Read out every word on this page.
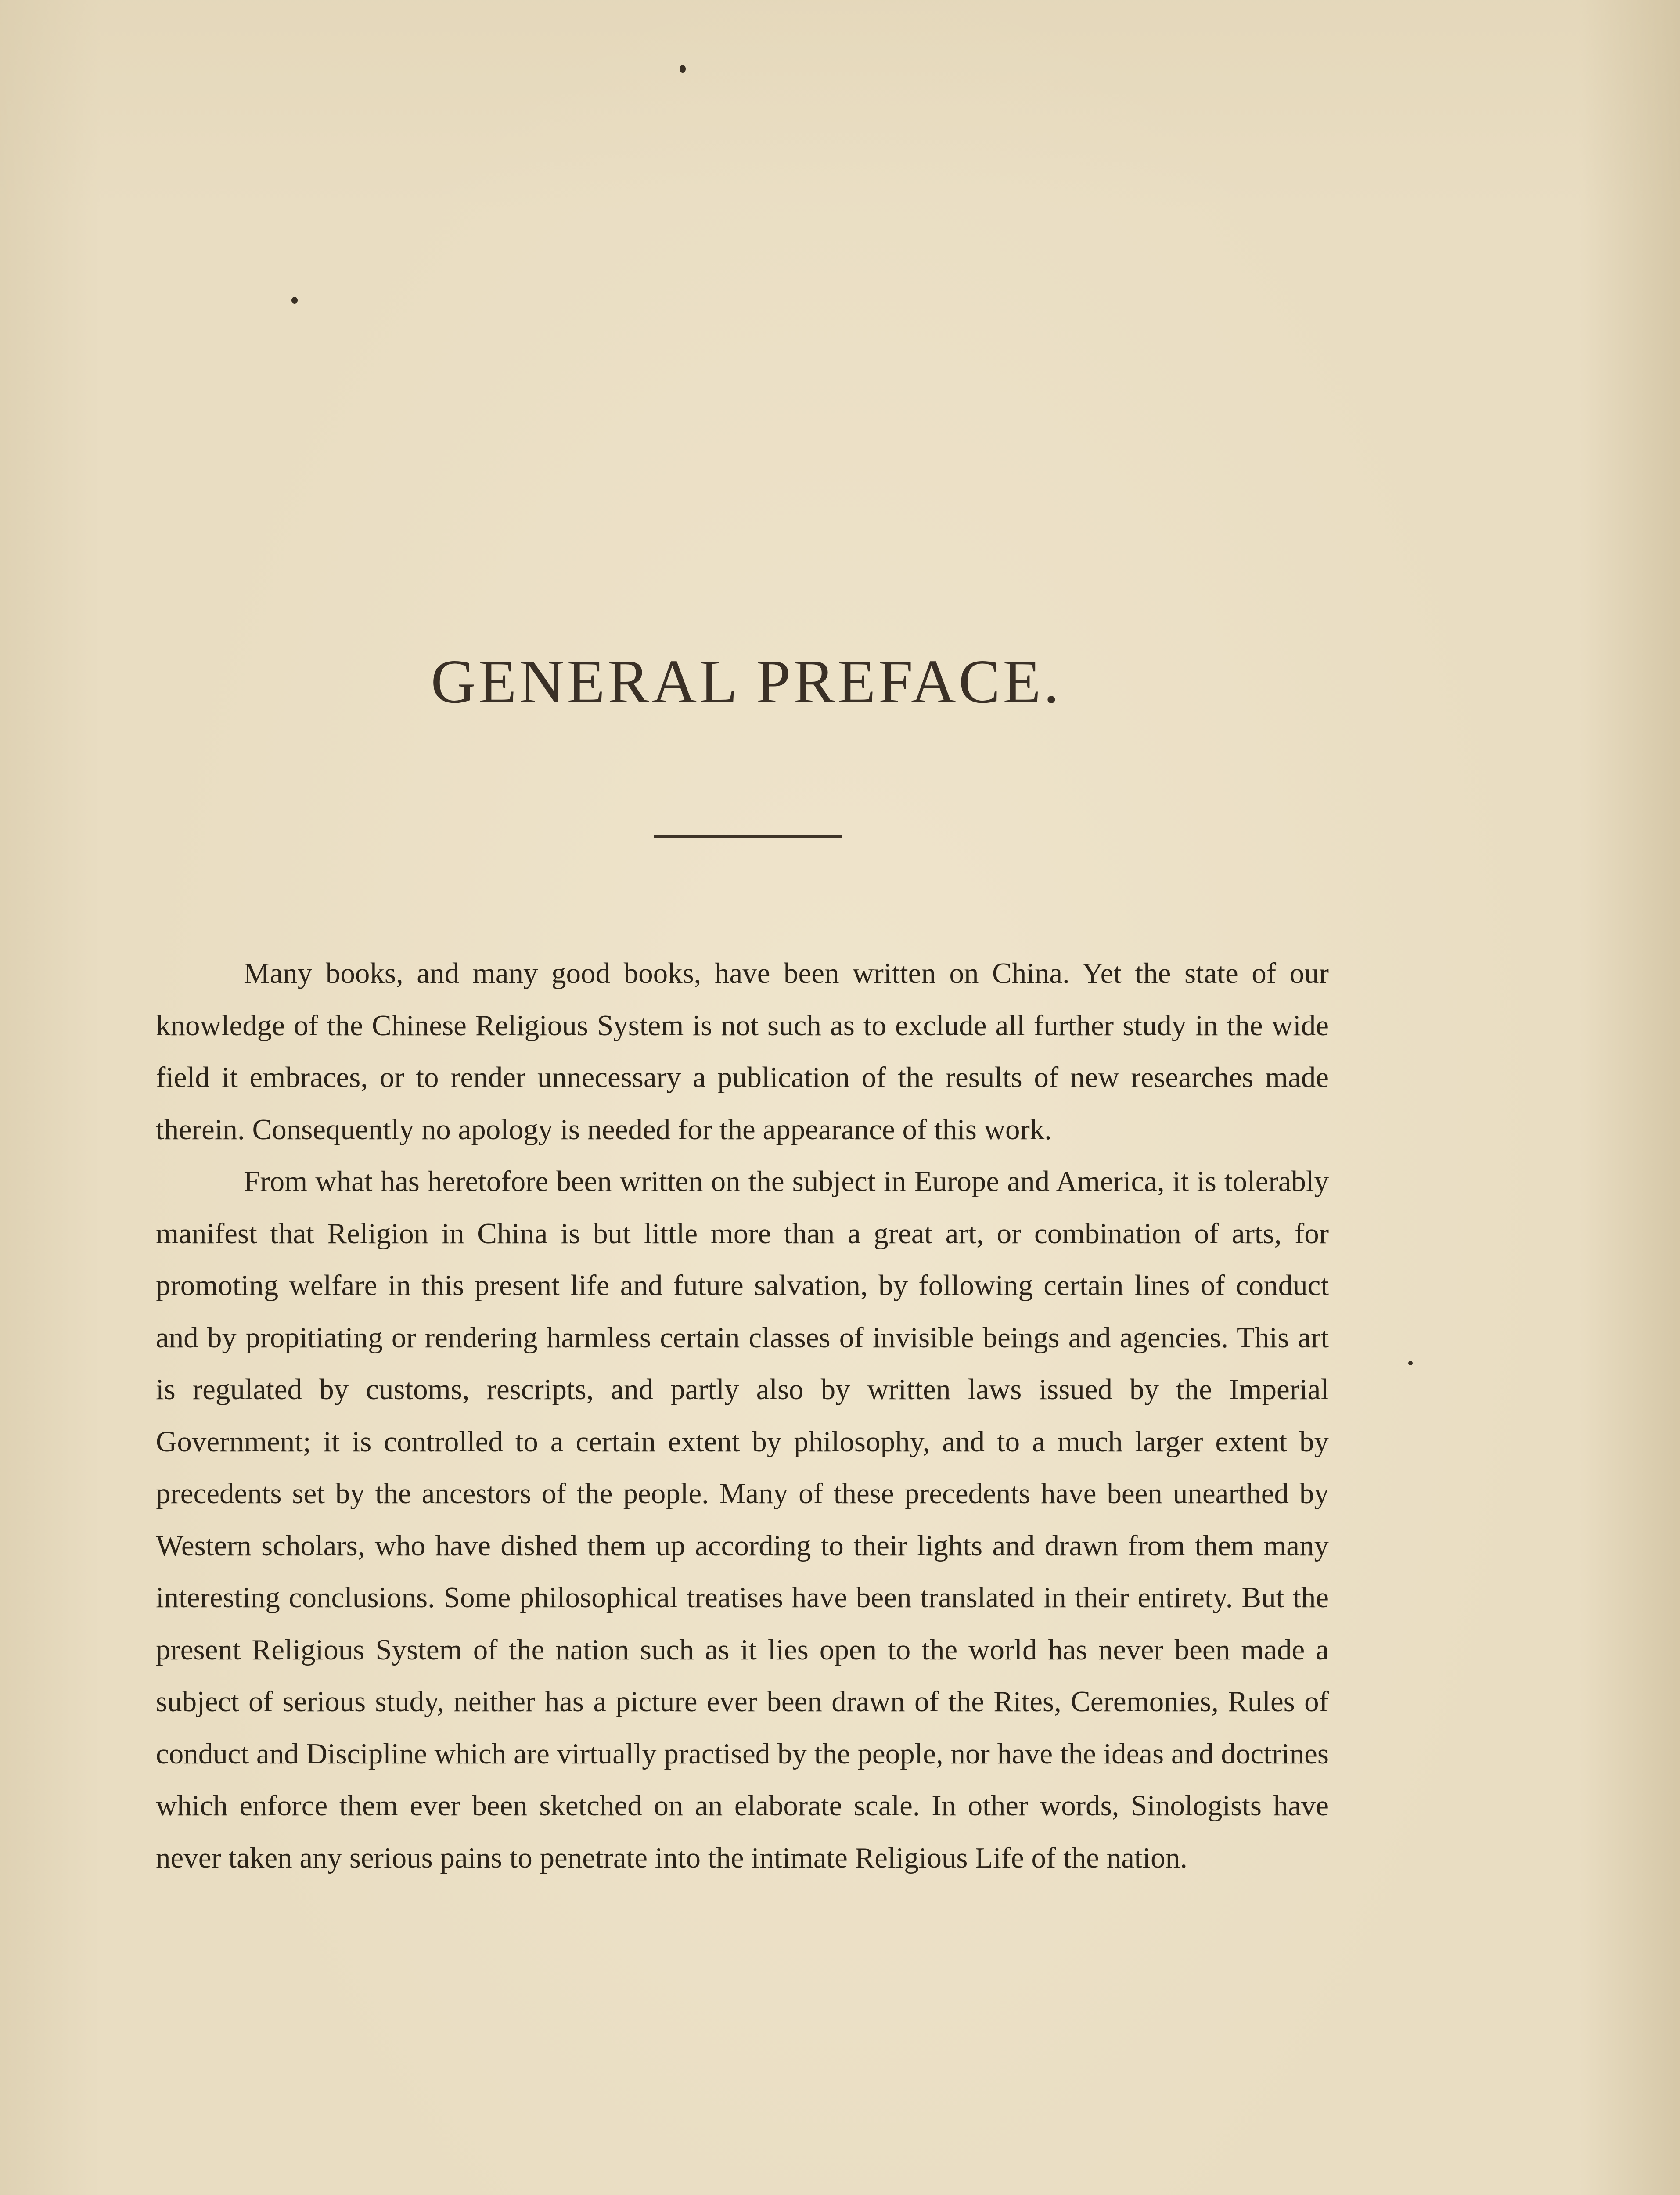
GENERAL PREFACE.

Many books, and many good books, have been written on China. Yet the state of our knowledge of the Chinese Religious System is not such as to exclude all further study in the wide field it embraces, or to render unnecessary a publication of the results of new researches made therein. Consequently no apology is needed for the appearance of this work.

From what has heretofore been written on the subject in Europe and America, it is tolerably manifest that Religion in China is but little more than a great art, or combination of arts, for promoting welfare in this present life and future salvation, by following certain lines of conduct and by propitiating or rendering harmless certain classes of invisible beings and agencies. This art is regulated by customs, rescripts, and partly also by written laws issued by the Imperial Government; it is controlled to a certain extent by philosophy, and to a much larger extent by precedents set by the ancestors of the people. Many of these precedents have been unearthed by Western scholars, who have dished them up according to their lights and drawn from them many interesting conclusions. Some philosophical treatises have been translated in their entirety. But the present Religious System of the nation such as it lies open to the world has never been made a subject of serious study, neither has a picture ever been drawn of the Rites, Ceremonies, Rules of conduct and Discipline which are virtually practised by the people, nor have the ideas and doctrines which enforce them ever been sketched on an elaborate scale. In other words, Sinologists have never taken any serious pains to penetrate into the intimate Religious Life of the nation.
